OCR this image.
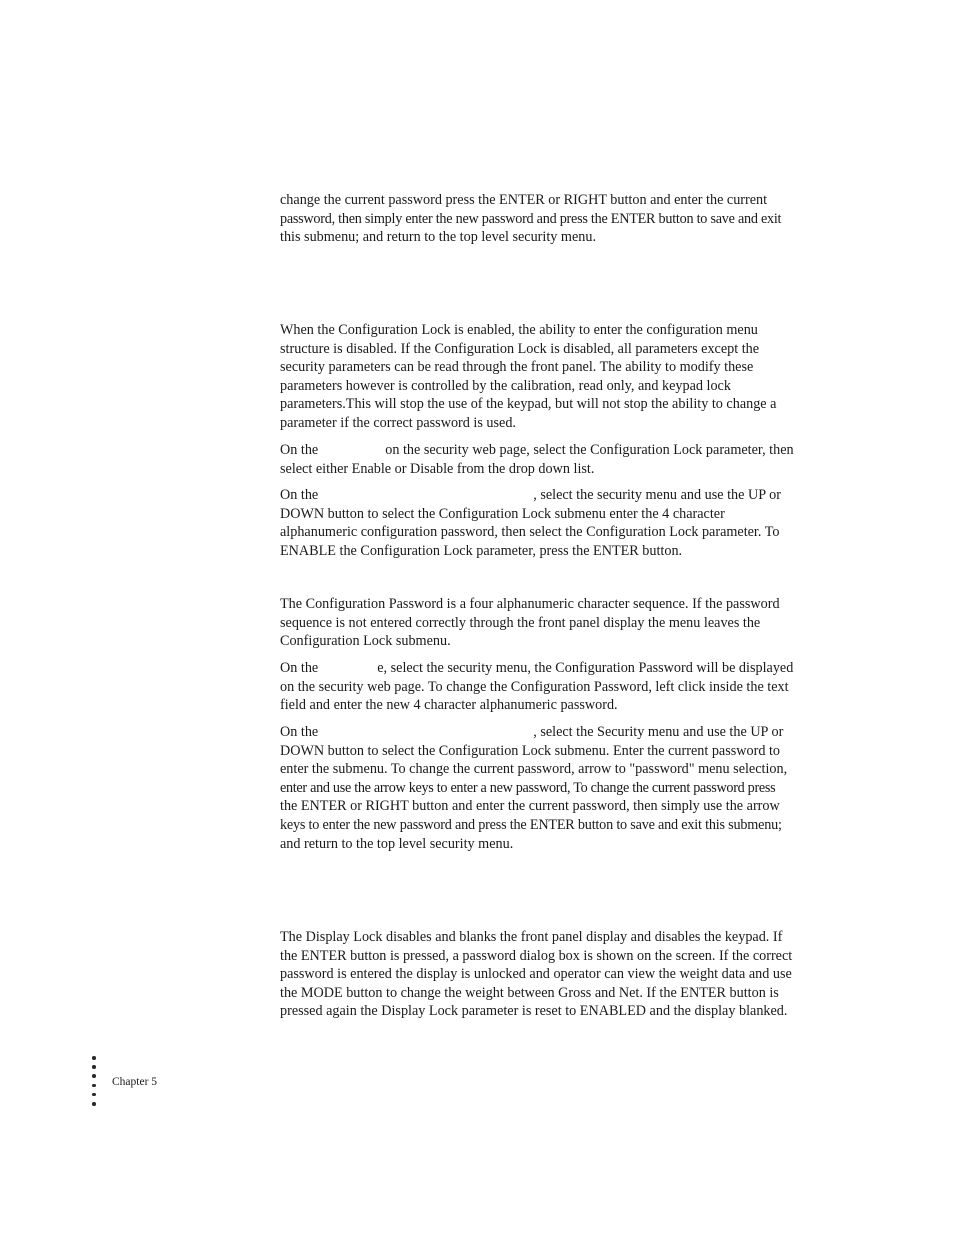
change the current password press the ENTER or RIGHT button and enter the current
password, then simply enter the new password and press the ENTER button to save and exit
this submenu; and return to the top level security menu.
When the Configuration Lock is enabled, the ability to enter the configuration menu
structure is disabled. If the Configuration Lock is disabled, all parameters except the
security parameters can be read through the front panel. The ability to modify these
parameters however is controlled by the calibration, read only, and keypad lock
parameters.This will stop the use of the keypad, but will not stop the ability to change a
parameter if the correct password is used.
On the	on the security web page, select the Configuration Lock parameter, then
select either Enable or Disable from the drop down list.
On the	, select the security menu and use the UP or
DOWN button to select the Configuration Lock submenu enter the 4 character
alphanumeric configuration password, then select the Configuration Lock parameter. To
ENABLE the Configuration Lock parameter, press the ENTER button.
The Configuration Password is a four alphanumeric character sequence. If the password
sequence is not entered correctly through the front panel display the menu leaves the
Configuration Lock submenu.
On the	e, select the security menu, the Configuration Password will be displayed
on the security web page. To change the Configuration Password, left click inside the text
field and enter the new 4 character alphanumeric password.
On the	, select the Security menu and use the UP or
DOWN button to select the Configuration Lock submenu. Enter the current password to
enter the submenu. To change the current password, arrow to "password" menu selection,
enter and use the arrow keys to enter a new password, To change the current password press
the ENTER or RIGHT button and enter the current password, then simply use the arrow
keys to enter the new password and press the ENTER button to save and exit this submenu;
and return to the top level security menu.
The Display Lock disables and blanks the front panel display and disables the keypad. If
the ENTER button is pressed, a password dialog box is shown on the screen. If the correct
password is entered the display is unlocked and operator can view the weight data and use
the MODE button to change the weight between Gross and Net. If the ENTER button is
pressed again the Display Lock parameter is reset to ENABLED and the display blanked.
Chapter 5
